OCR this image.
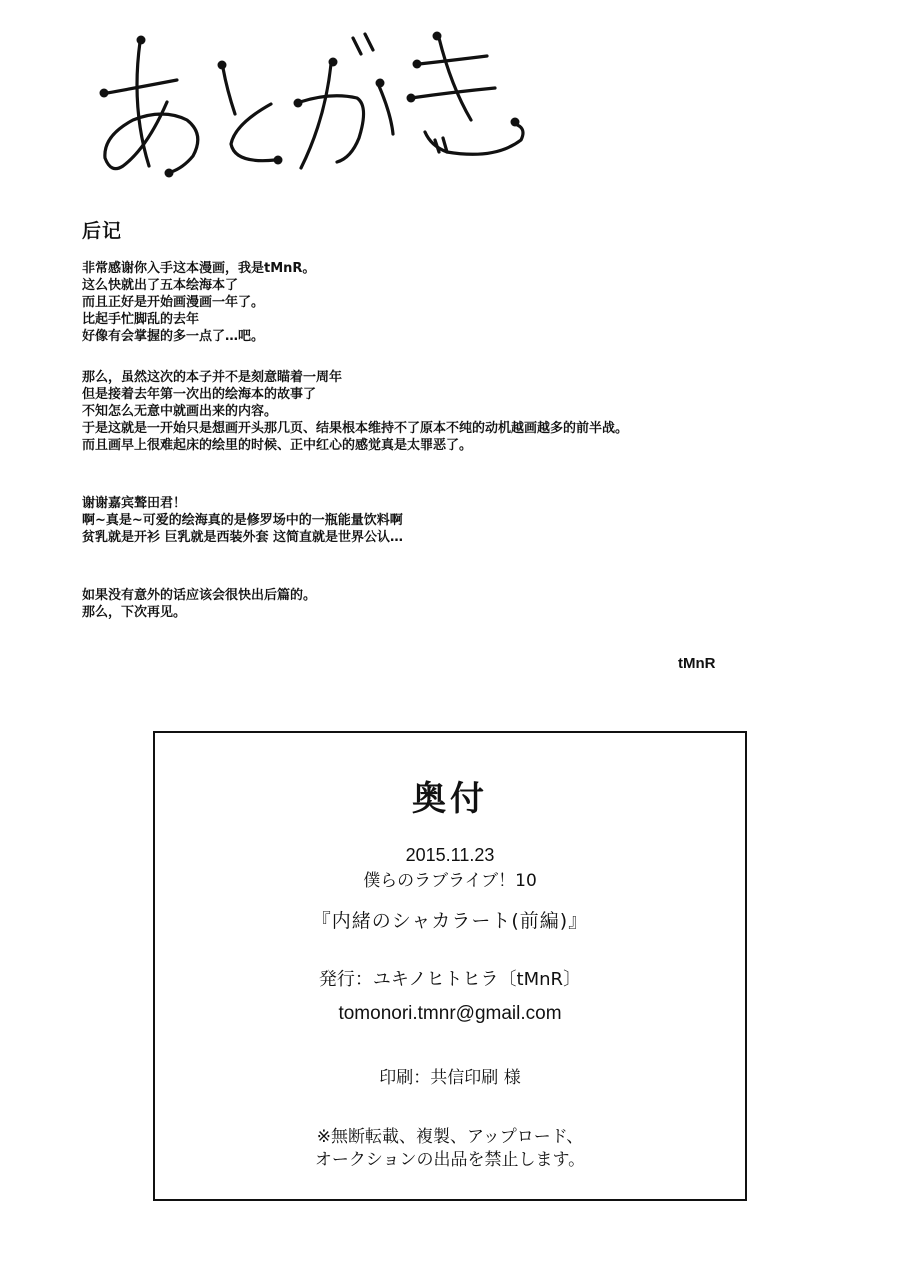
后记
非常感谢你入手这本漫画，我是tMnR。
这么快就出了五本绘海本了
而且正好是开始画漫画一年了。
比起手忙脚乱的去年
好像有会掌握的多一点了…吧。
那么，虽然这次的本子并不是刻意瞄着一周年
但是接着去年第一次出的绘海本的故事了
不知怎么无意中就画出来的内容。
于是这就是一开始只是想画开头那几页、结果根本维持不了原本不纯的动机越画越多的前半战。
而且画早上很难起床的绘里的时候、正中红心的感觉真是太罪恶了。
谢谢嘉宾聱田君！
啊~真是~可爱的绘海真的是修罗场中的一瓶能量饮料啊
贫乳就是开衫 巨乳就是西装外套 这简直就是世界公认…
如果没有意外的话应该会很快出后篇的。
那么，下次再见。
tMnR
奥付
2015.11.23
僕らのラブライブ！10
『内緒のシャカラート(前編)』
発行：ユキノヒトヒラ〔tMnR〕
tomonori.tmnr@gmail.com
印刷：共信印刷 様
※無断転載、複製、アップロード、
オークションの出品を禁止します。
